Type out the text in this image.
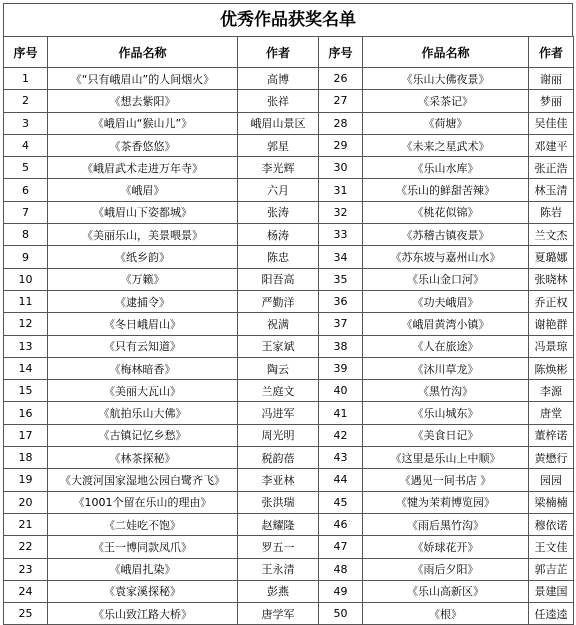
优秀作品获奖名单
序号	作品名称	作者	序号	作品名称	作者
1	《“只有峨眉山”的人间烟火》	高博	26	《乐山大佛夜景》	谢丽
2	《想去紫阳》	张祥	27	《采茶记》	梦丽
3	《峨眉山“猴山儿”》	峨眉山景区	28	《荷塘》	吴佳佳
4	《茶香悠悠》	郭星	29	《未来之星武术》	邓建平
5	《峨眉武术走进万年寺》	李光辉	30	《乐山水库》	张正浩
6	《峨眉》	六月	31	《乐山的鲜甜苦辣》	林玉清
7	《峨眉山下姿都城》	张涛	32	《桃花似锦》	陈岩
8	《美丽乐山，美景喂景》	杨涛	33	《苏稽古镇夜景》	兰文杰
9	《纸乡韵》	陈忠	34	《苏东坡与嘉州山水》	夏璐娜
10	《万籁》	阳吾高	35	《乐山金口河》	张晓林
11	《逮捕令》	严勤洋	36	《功夫峨眉》	乔正权
12	《冬日峨眉山》	祝满	37	《峨眉黄湾小镇》	谢艳群
13	《只有云知道》	王家斌	38	《人在旅途》	冯景琼
14	《梅林暗香》	陶云	39	《沐川草龙》	陈焕彬
15	《美丽大瓦山》	兰庭文	40	《黑竹沟》	李源
16	《航拍乐山大佛》	冯进军	41	《乐山城东》	唐堂
17	《古镇记忆乡愁》	周光明	42	《美食日记》	董梓诺
18	《林茶探秘》	税韵蓓	43	《这里是乐山上中顺》	黄懋行
19	《大渡河国家湿地公园白鹭齐飞》	李亚林	44	《遇见一间书店 》	园园
20	《1001个留在乐山的理由》	张洪瑞	45	《犍为茉莉博览园》	梁楠楠
21	《二娃吃不饱》	赵耀隆	46	《雨后黑竹沟》	穆依诺
22	《王一博同款凤爪》	罗五一	47	《娇球花开》	王文佳
23	《峨眉扎染》	王永清	48	《雨后夕阳》	郭吉芷
24	《袁家溪探秘》	彭燕	49	《乐山高新区》	景建国
25	《乐山致江路大桥》	唐学军	50	《根》	任逵逵
